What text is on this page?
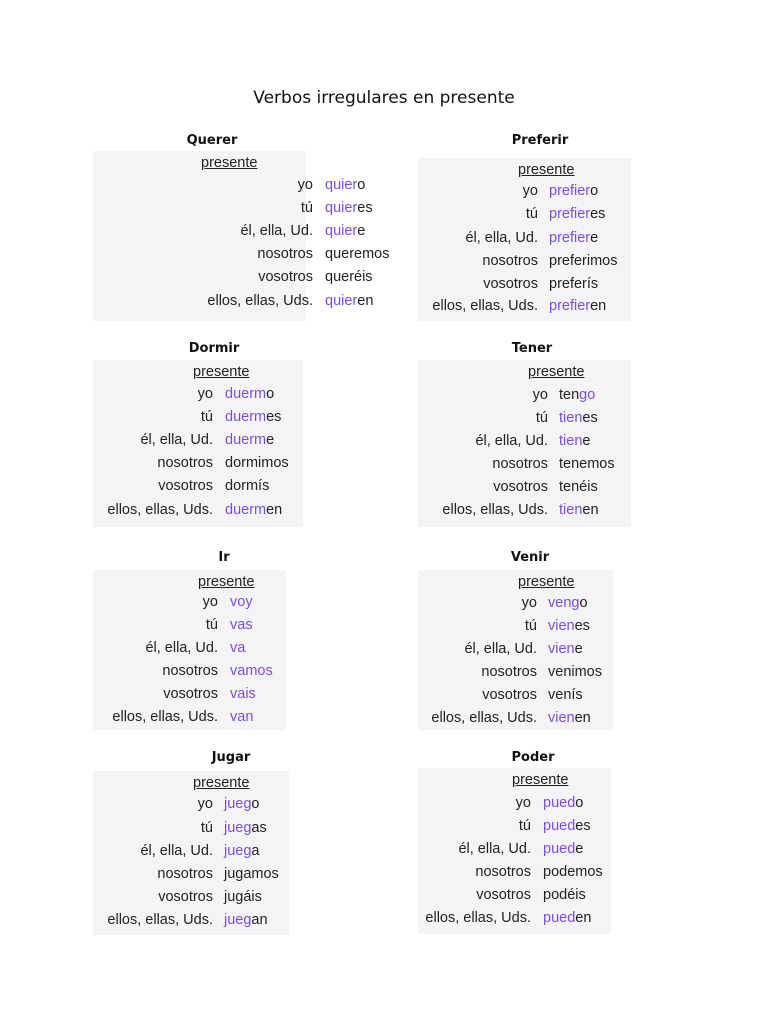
Verbos irregulares en presente
Querer
presente
yo quiero
tú quieres
él, ella, Ud. quiere
nosotros queremos
vosotros queréis
ellos, ellas, Uds. quieren
Preferir
presente
yo prefiero
tú prefieres
él, ella, Ud. prefiere
nosotros preferimos
vosotros preferís
ellos, ellas, Uds. prefieren
Dormir
presente
yo duermo
tú duermes
él, ella, Ud. duerme
nosotros dormimos
vosotros dormís
ellos, ellas, Uds. duermen
Tener
presente
yo tengo
tú tienes
él, ella, Ud. tiene
nosotros tenemos
vosotros tenéis
ellos, ellas, Uds. tienen
Ir
presente
yo voy
tú vas
él, ella, Ud. va
nosotros vamos
vosotros vais
ellos, ellas, Uds. van
Venir
presente
yo vengo
tú vienes
él, ella, Ud. viene
nosotros venimos
vosotros venís
ellos, ellas, Uds. vienen
Jugar
presente
yo juego
tú juegas
él, ella, Ud. juega
nosotros jugamos
vosotros jugáis
ellos, ellas, Uds. juegan
Poder
presente
yo puedo
tú puedes
él, ella, Ud. puede
nosotros podemos
vosotros podéis
ellos, ellas, Uds. pueden
